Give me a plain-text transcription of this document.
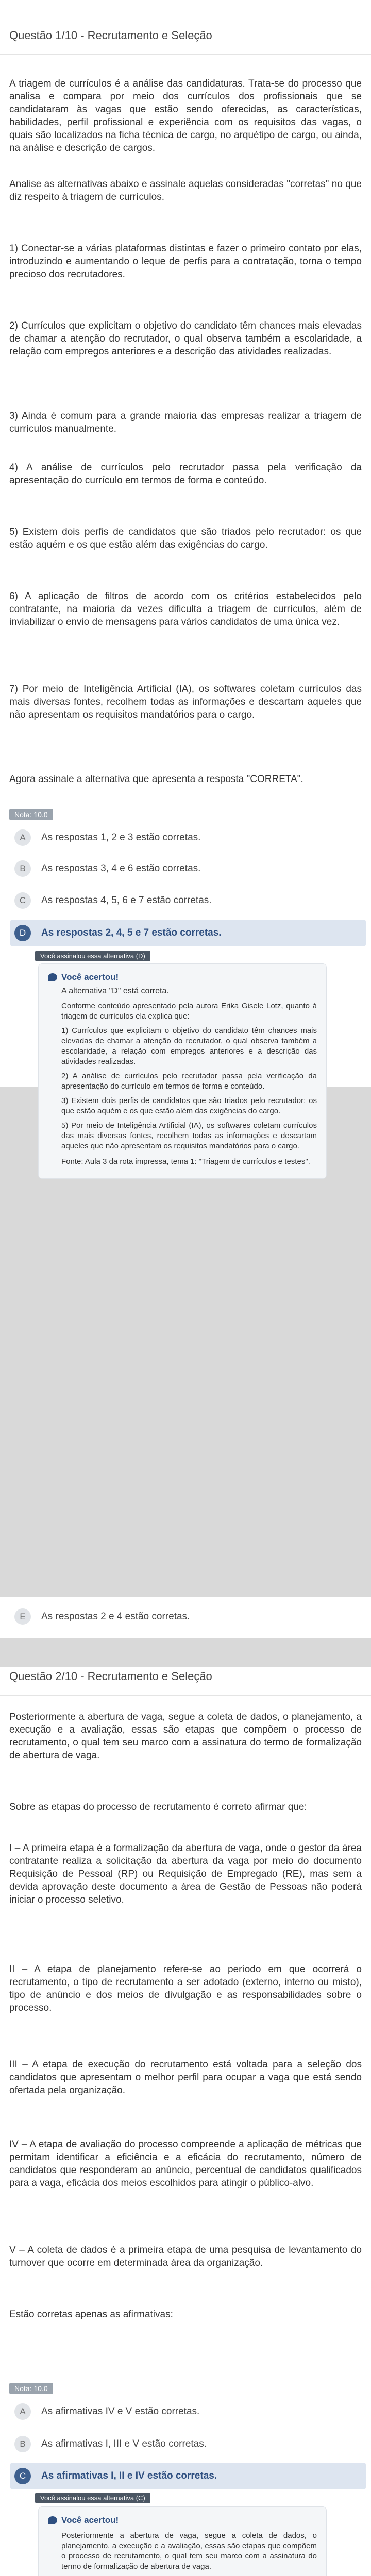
Questão 1/10 - Recrutamento e Seleção

A triagem de currículos é a análise das candidaturas. Trata-se do processo que analisa e compara por meio dos currículos dos profissionais que se candidataram às vagas que estão sendo oferecidas, as características, habilidades, perfil profissional e experiência com os requisitos das vagas, o quais são localizados na ficha técnica de cargo, no arquétipo de cargo, ou ainda, na análise e descrição de cargos.

Analise as alternativas abaixo e assinale aquelas consideradas "corretas" no que diz respeito à triagem de currículos.

1) Conectar-se a várias plataformas distintas e fazer o primeiro contato por elas, introduzindo e aumentando o leque de perfis para a contratação, torna o tempo precioso dos recrutadores.

2) Currículos que explicitam o objetivo do candidato têm chances mais elevadas de chamar a atenção do recrutador, o qual observa também a escolaridade, a relação com empregos anteriores e a descrição das atividades realizadas.

3) Ainda é comum para a grande maioria das empresas realizar a triagem de currículos manualmente.

4) A análise de currículos pelo recrutador passa pela verificação da apresentação do currículo em termos de forma e conteúdo.

5) Existem dois perfis de candidatos que são triados pelo recrutador: os que estão aquém e os que estão além das exigências do cargo.

6) A aplicação de filtros de acordo com os critérios estabelecidos pelo contratante, na maioria da vezes dificulta a triagem de currículos, além de inviabilizar o envio de mensagens para vários candidatos de uma única vez.

7) Por meio de Inteligência Artificial (IA), os softwares coletam currículos das mais diversas fontes, recolhem todas as informações e descartam aqueles que não apresentam os requisitos mandatórios para o cargo.

Agora assinale a alternativa que apresenta a resposta "CORRETA".

Nota: 10.0
A	As respostas 1, 2 e 3 estão corretas.
B	As respostas 3, 4 e 6 estão corretas.
C	As respostas 4, 5, 6 e 7 estão corretas.
D	As respostas 2, 4, 5 e 7 estão corretas.
Você assinalou essa alternativa (D)
Você acertou!
A alternativa "D" está correta.

Conforme conteúdo apresentado pela autora Erika Gisele Lotz, quanto à triagem de currículos ela explica que:

1) Currículos que explicitam o objetivo do candidato têm chances mais elevadas de chamar a atenção do recrutador, o qual observa também a escolaridade, a relação com empregos anteriores e a descrição das atividades realizadas.

2) A análise de currículos pelo recrutador passa pela verificação da apresentação do currículo em termos de forma e conteúdo.

3) Existem dois perfis de candidatos que são triados pelo recrutador: os que estão aquém e os que estão além das exigências do cargo.

5) Por meio de Inteligência Artificial (IA), os softwares coletam currículos das mais diversas fontes, recolhem todas as informações e descartam aqueles que não apresentam os requisitos mandatórios para o cargo.

Fonte: Aula 3 da rota impressa, tema 1: "Triagem de currículos e testes".

E	As respostas 2 e 4 estão corretas.
Questão 2/10 - Recrutamento e Seleção

Posteriormente a abertura de vaga, segue a coleta de dados, o planejamento, a execução e a avaliação, essas são etapas que compõem o processo de recrutamento, o qual tem seu marco com a assinatura do termo de formalização de abertura de vaga.

Sobre as etapas do processo de recrutamento é correto afirmar que:

I – A primeira etapa é a formalização da abertura de vaga, onde o gestor da área contratante realiza a solicitação da abertura da vaga por meio do documento Requisição de Pessoal (RP) ou Requisição de Empregado (RE), mas sem a devida aprovação deste documento a área de Gestão de Pessoas não poderá iniciar o processo seletivo.

II – A etapa de planejamento refere-se ao período em que ocorrerá o recrutamento, o tipo de recrutamento a ser adotado (externo, interno ou misto), tipo de anúncio e dos meios de divulgação e as responsabilidades sobre o processo.

III – A etapa de execução do recrutamento está voltada para a seleção dos candidatos que apresentam o melhor perfil para ocupar a vaga que está sendo ofertada pela organização.

IV – A etapa de avaliação do processo compreende a aplicação de métricas que permitam identificar a eficiência e a eficácia do recrutamento, número de candidatos que responderam ao anúncio, percentual de candidatos qualificados para a vaga, eficácia dos meios escolhidos para atingir o público-alvo.

V – A coleta de dados é a primeira etapa de uma pesquisa de levantamento do turnover que ocorre em determinada área da organização.

Estão corretas apenas as afirmativas:

Nota: 10.0
A	As afirmativas IV e V estão corretas.
B	As afirmativas I, III e V estão corretas.
C	As afirmativas I, II e IV estão corretas.
Você assinalou essa alternativa (C)
Você acertou!

Posteriormente a abertura de vaga, segue a coleta de dados, o planejamento, a execução e a avaliação, essas são etapas que compõem o processo de recrutamento, o qual tem seu marco com a assinatura do termo de formalização de abertura de vaga.
